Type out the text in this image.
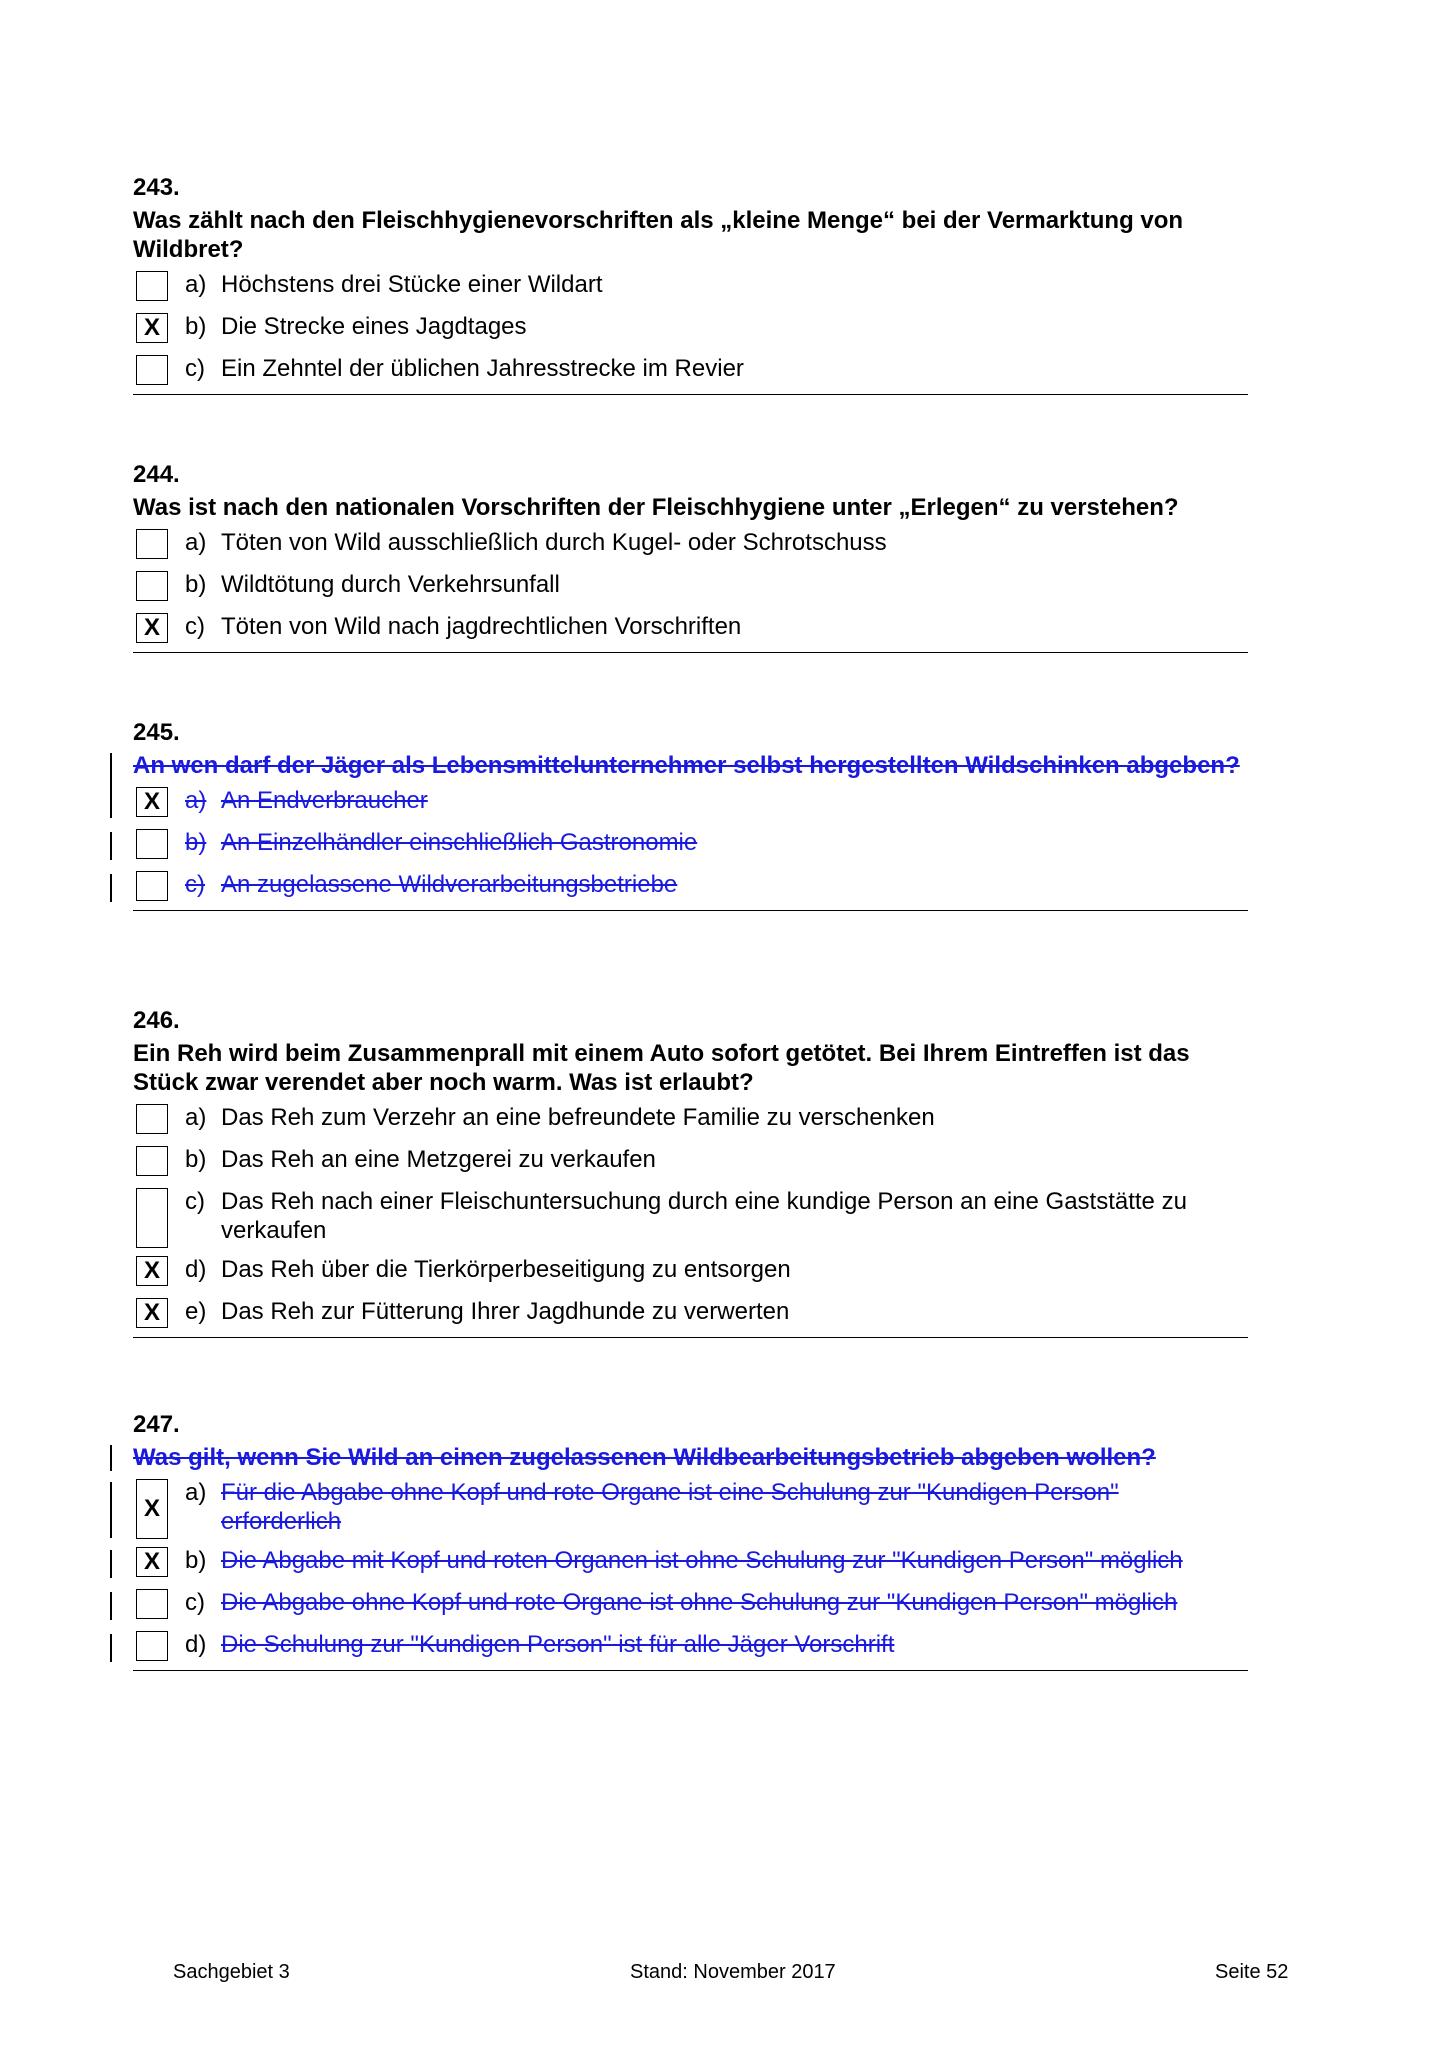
243.
Was zählt nach den Fleischhygienevorschriften als „kleine Menge“ bei der Vermarktung von Wildbret?
a) Höchstens drei Stücke einer Wildart
X	b) Die Strecke eines Jagdtages
c) Ein Zehntel der üblichen Jahresstrecke im Revier
244.
Was ist nach den nationalen Vorschriften der Fleischhygiene unter „Erlegen“ zu verstehen?
a) Töten von Wild ausschließlich durch Kugel- oder Schrotschuss
b) Wildtötung durch Verkehrsunfall
X	c) Töten von Wild nach jagdrechtlichen Vorschriften
245.
An wen darf der Jäger als Lebensmittelunternehmer selbst hergestellten Wildschinken abgeben?
X	a) An Endverbraucher
b) An Einzelhändler einschließlich Gastronomie
c) An zugelassene Wildverarbeitungsbetriebe
246.
Ein Reh wird beim Zusammenprall mit einem Auto sofort getötet. Bei Ihrem Eintreffen ist das Stück zwar verendet aber noch warm. Was ist erlaubt?
a) Das Reh zum Verzehr an eine befreundete Familie zu verschenken
b) Das Reh an eine Metzgerei zu verkaufen
c) Das Reh nach einer Fleischuntersuchung durch eine kundige Person an eine Gaststätte zu verkaufen
X	d) Das Reh über die Tierkörperbeseitigung zu entsorgen
X	e) Das Reh zur Fütterung Ihrer Jagdhunde zu verwerten
247.
Was gilt, wenn Sie Wild an einen zugelassenen Wildbearbeitungsbetrieb abgeben wollen?
X
a) Für die Abgabe ohne Kopf und rote Organe ist eine Schulung zur "Kundigen Person" erforderlich
X	b) Die Abgabe mit Kopf und roten Organen ist ohne Schulung zur "Kundigen Person" möglich
c) Die Abgabe ohne Kopf und rote Organe ist ohne Schulung zur "Kundigen Person" möglich
d) Die Schulung zur "Kundigen Person" ist für alle Jäger Vorschrift
Sachgebiet 3	Stand: November 2017	Seite 52
